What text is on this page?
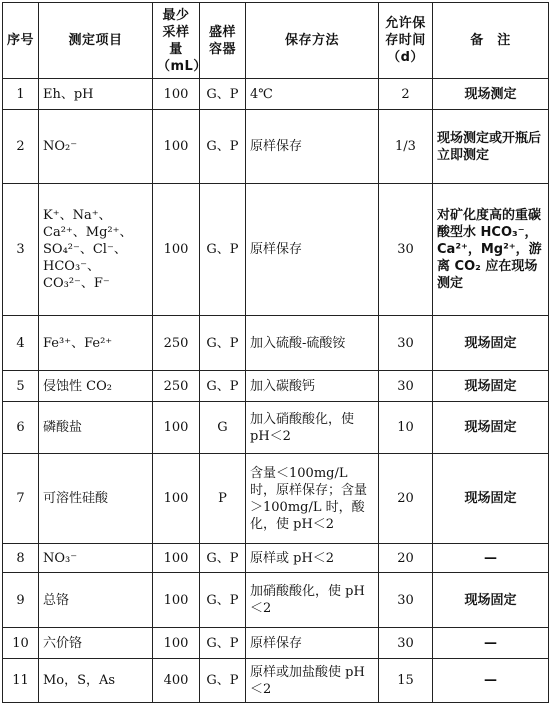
序号	测定项目	最少采样量（mL）	盛样容器	保存方法	允许保存时间（d）	备　注
1	Eh、pH	100	G、P	4℃	2	现场测定
2	NO₂⁻	100	G、P	原样保存	1/3	现场测定或开瓶后立即测定
3	K⁺、Na⁺、Ca²⁺、Mg²⁺、SO₄²⁻、Cl⁻、HCO₃⁻、CO₃²⁻、F⁻	100	G、P	原样保存	30	对矿化度高的重碳酸型水 HCO₃⁻，Ca²⁺，Mg²⁺，游离 CO₂ 应在现场测定
4	Fe³⁺、Fe²⁺	250	G、P	加入硫酸-硫酸铵	30	现场固定
5	侵蚀性 CO₂	250	G、P	加入碳酸钙	30	现场固定
6	磷酸盐	100	G	加入硝酸酸化，使 pH＜2	10	现场固定
7	可溶性硅酸	100	P	含量＜100mg/L 时，原样保存；含量＞100mg/L 时，酸化，使 pH＜2	20	现场固定
8	NO₃⁻	100	G、P	原样或 pH＜2	20	—
9	总铬	100	G、P	加硝酸酸化，使 pH＜2	30	现场固定
10	六价铬	100	G、P	原样保存	30	—
11	Mo，S，As	400	G、P	原样或加盐酸使 pH＜2	15	—
